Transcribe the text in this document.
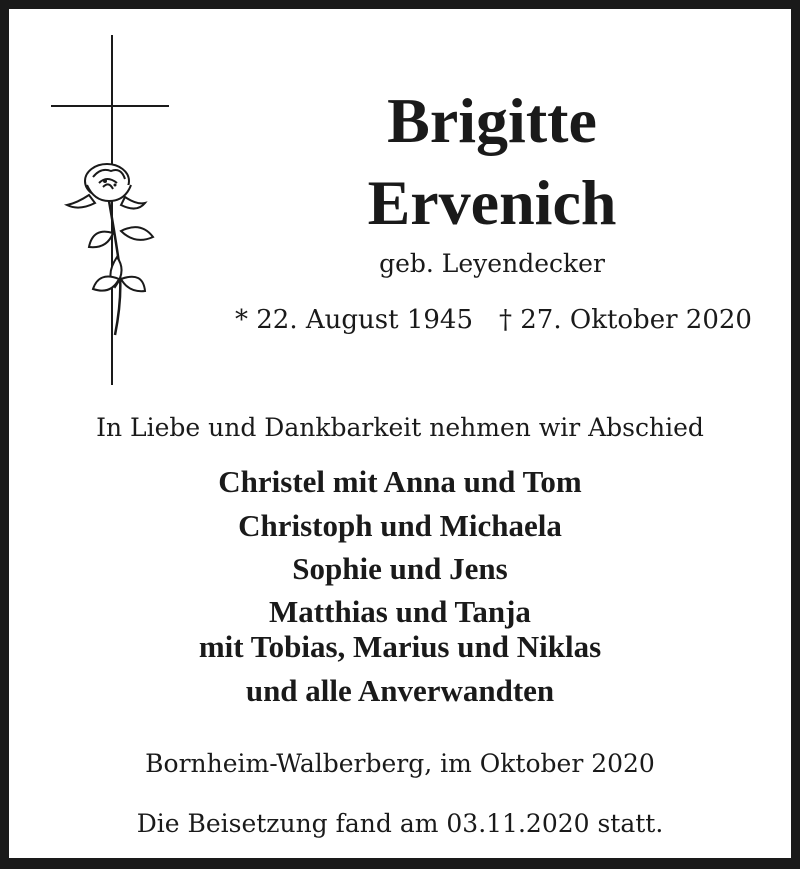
Brigitte
Ervenich
geb. Leyendecker
* 22. August 1945 † 27. Oktober 2020
In Liebe und Dankbarkeit nehmen wir Abschied
Christel mit Anna und Tom
Christoph und Michaela
Sophie und Jens
Matthias und Tanja
mit Tobias, Marius und Niklas
und alle Anverwandten
Bornheim-Walberberg, im Oktober 2020
Die Beisetzung fand am 03.11.2020 statt.
